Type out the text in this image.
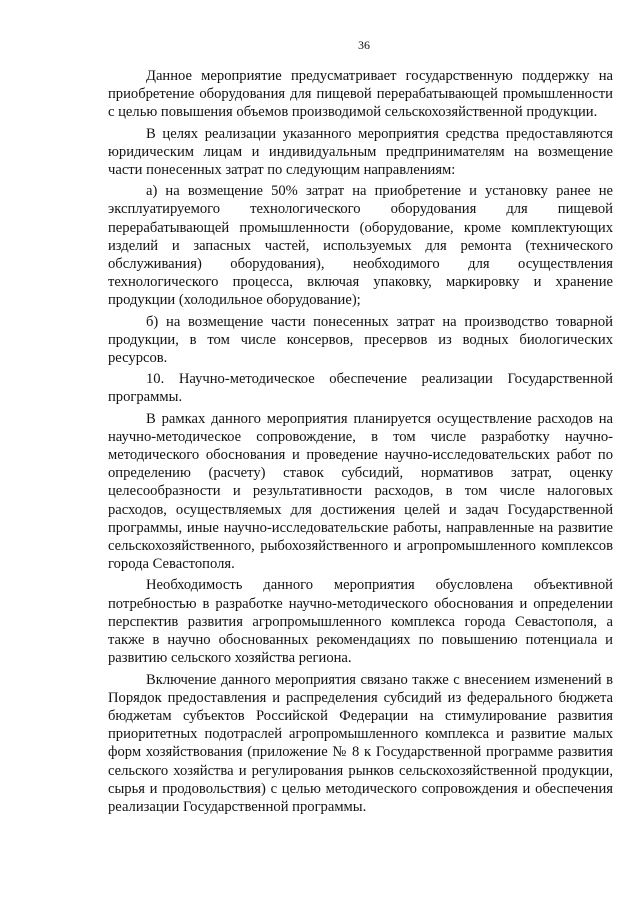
36

Данное мероприятие предусматривает государственную поддержку на приобретение оборудования для пищевой перерабатывающей промышленности с целью повышения объемов производимой сельскохозяйственной продукции.

В целях реализации указанного мероприятия средства предоставляются юридическим лицам и индивидуальным предпринимателям на возмещение части понесенных затрат по следующим направлениям:

а) на возмещение 50% затрат на приобретение и установку ранее не эксплуатируемого технологического оборудования для пищевой перерабатывающей промышленности (оборудование, кроме комплектующих изделий и запасных частей, используемых для ремонта (технического обслуживания) оборудования), необходимого для осуществления технологического процесса, включая упаковку, маркировку и хранение продукции (холодильное оборудование);

б) на возмещение части понесенных затрат на производство товарной продукции, в том числе консервов, пресервов из водных биологических ресурсов.

10. Научно-методическое обеспечение реализации Государственной программы.

В рамках данного мероприятия планируется осуществление расходов на научно-методическое сопровождение, в том числе разработку научно-методического обоснования и проведение научно-исследовательских работ по определению (расчету) ставок субсидий, нормативов затрат, оценку целесообразности и результативности расходов, в том числе налоговых расходов, осуществляемых для достижения целей и задач Государственной программы, иные научно-исследовательские работы, направленные на развитие сельскохозяйственного, рыбохозяйственного и агропромышленного комплексов города Севастополя.

Необходимость данного мероприятия обусловлена объективной потребностью в разработке научно-методического обоснования и определении перспектив развития агропромышленного комплекса города Севастополя, а также в научно обоснованных рекомендациях по повышению потенциала и развитию сельского хозяйства региона.

Включение данного мероприятия связано также с внесением изменений в Порядок предоставления и распределения субсидий из федерального бюджета бюджетам субъектов Российской Федерации на стимулирование развития приоритетных подотраслей агропромышленного комплекса и развитие малых форм хозяйствования (приложение № 8 к Государственной программе развития сельского хозяйства и регулирования рынков сельскохозяйственной продукции, сырья и продовольствия) с целью методического сопровождения и обеспечения реализации Государственной программы.
